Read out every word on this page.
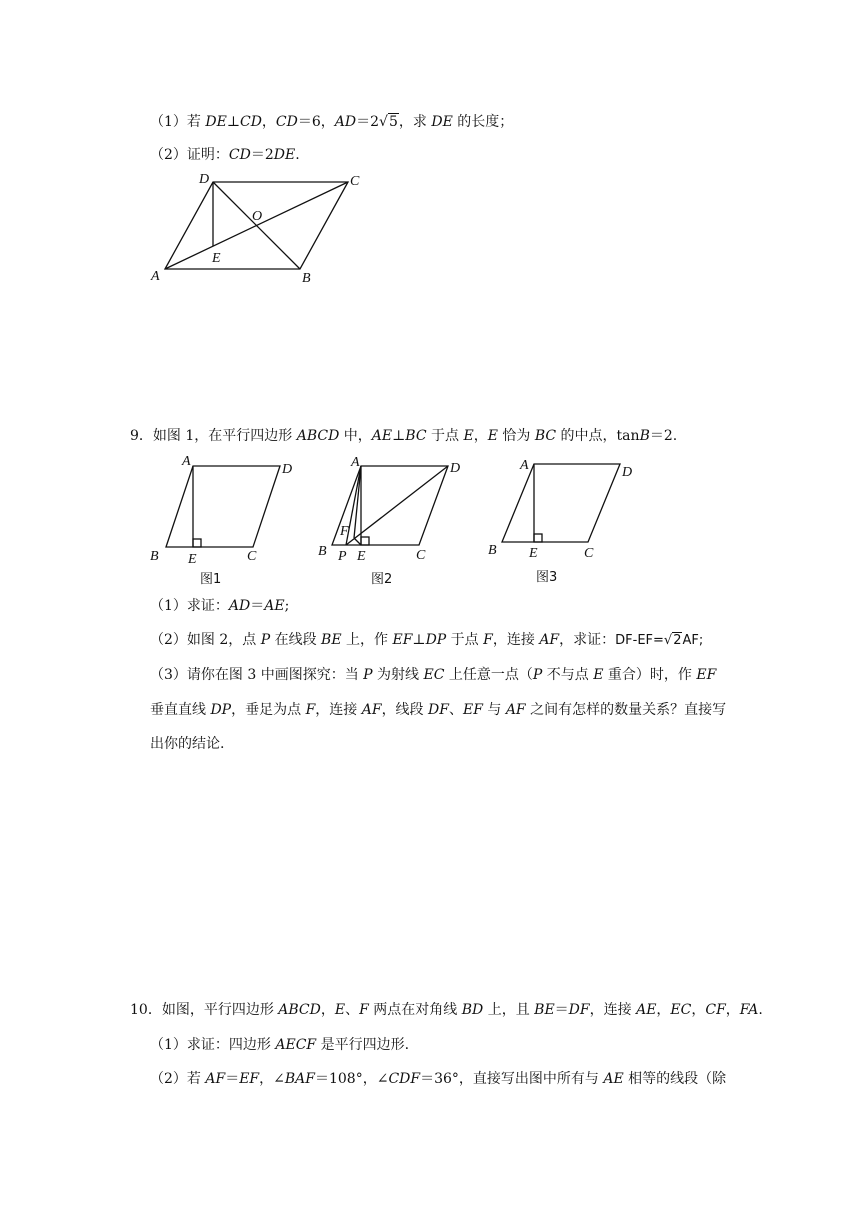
（1）若 DE⊥CD，CD＝6，AD＝2√5，求 DE 的长度；
（2）证明：CD＝2DE.
A	B
C
D
O
E
9．如图 1，在平行四边形 ABCD 中，AE⊥BC 于点 E，E 恰为 BC 的中点，tanB＝2.
A
B	C
D
E
图1
A
B	C
D
E
F
P
图2
A
B	C
D
E
图3
（1）求证：AD＝AE;
（2）如图 2，点 P 在线段 BE 上，作 EF⊥DP 于点 F，连接 AF，求证：DF-EF=√2AF;
（3）请你在图 3 中画图探究：当 P 为射线 EC 上任意一点（P 不与点 E 重合）时，作 EF
垂直直线 DP，垂足为点 F，连接 AF，线段 DF、EF 与 AF 之间有怎样的数量关系？直接写
出你的结论.
10．如图，平行四边形 ABCD，E、F 两点在对角线 BD 上，且 BE＝DF，连接 AE，EC，CF，FA.
（1）求证：四边形 AECF 是平行四边形.
（2）若 AF＝EF，∠BAF＝108°，∠CDF＝36°，直接写出图中所有与 AE 相等的线段（除
